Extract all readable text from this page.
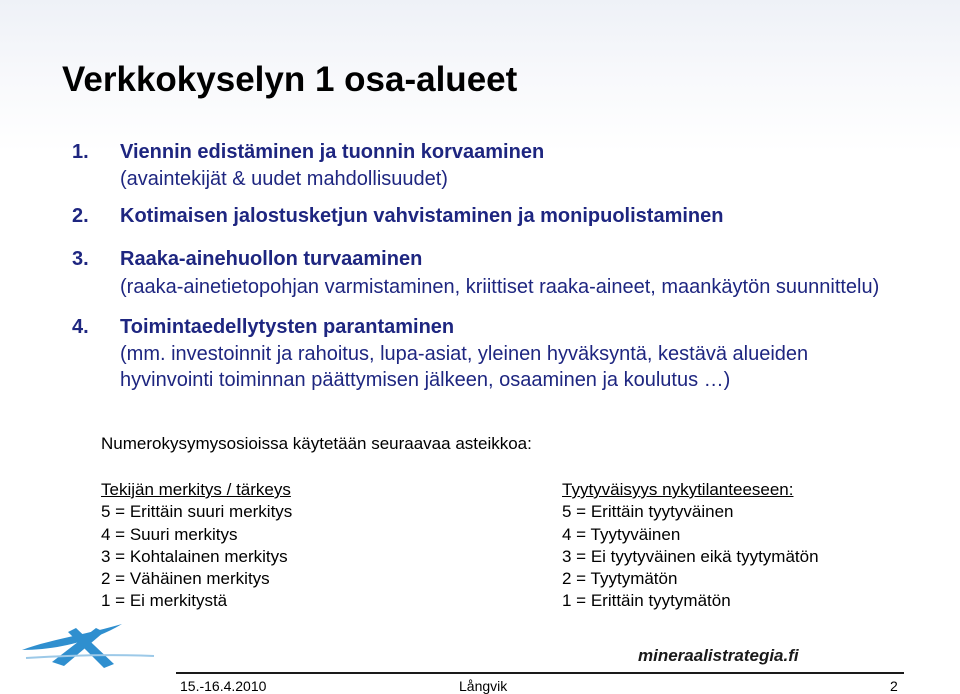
Verkkokyselyn 1 osa-alueet
1. Viennin edistäminen ja tuonnin korvaaminen
(avaintekijät & uudet mahdollisuudet)
2. Kotimaisen jalostusketjun vahvistaminen ja monipuolistaminen
3. Raaka-ainehuollon turvaaminen
(raaka-ainetietopohjan varmistaminen, kriittiset raaka-aineet, maankäytön suunnittelu)
4. Toimintaedellytysten parantaminen
(mm. investoinnit ja rahoitus, lupa-asiat, yleinen hyväksyntä, kestävä alueiden
hyvinvointi toiminnan päättymisen jälkeen, osaaminen ja koulutus …)
Numerokysymysosioissa käytetään seuraavaa asteikkoa:
Tekijän merkitys / tärkeys
5 = Erittäin suuri merkitys
4 = Suuri merkitys
3 = Kohtalainen merkitys
2 = Vähäinen merkitys
1 = Ei merkitystä
Tyytyväisyys nykytilanteeseen:
5 = Erittäin tyytyväinen
4 = Tyytyväinen
3 = Ei tyytyväinen eikä tyytymätön
2 = Tyytymätön
1 = Erittäin tyytymätön
mineraalistrategia.fi
15.-16.4.2010	Långvik	2
